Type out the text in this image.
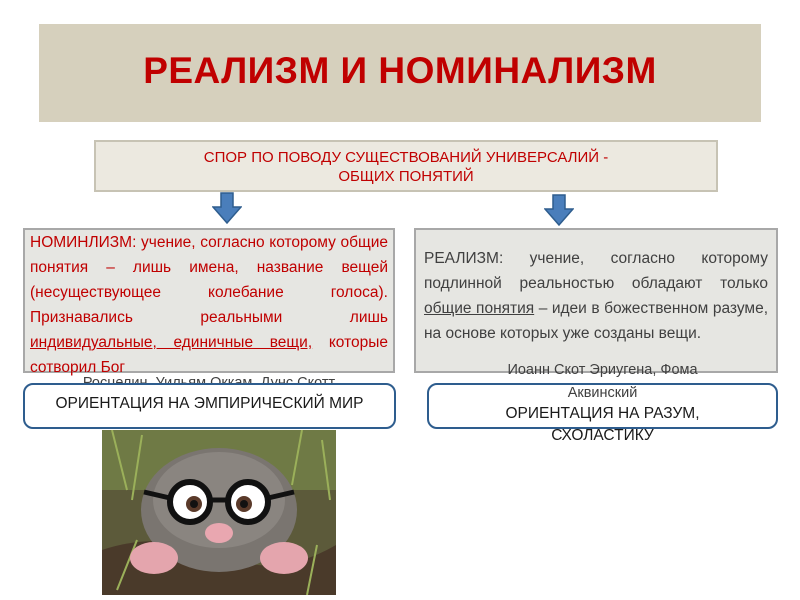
РЕАЛИЗМ И НОМИНАЛИЗМ
СПОР ПО ПОВОДУ СУЩЕСТВОВАНИЙ УНИВЕРСАЛИЙ -
ОБЩИХ ПОНЯТИЙ
НОМИНЛИЗМ: учение, согласно которому общие понятия – лишь имена, название вещей (несуществующее колебание голоса). Признавались реальными лишь индивидуальные, единичные вещи, которые сотворил Бог
РЕАЛИЗМ: учение, согласно которому подлинной реальностью обладают только общие понятия – идеи в божественном разуме, на основе которых уже созданы вещи.
ОРИЕНТАЦИЯ НА ЭМПИРИЧЕСКИЙ МИР
Иоанн Скот Эриугена, Фома
Аквинский
ОРИЕНТАЦИЯ НА РАЗУМ,
СХОЛАСТИКУ
